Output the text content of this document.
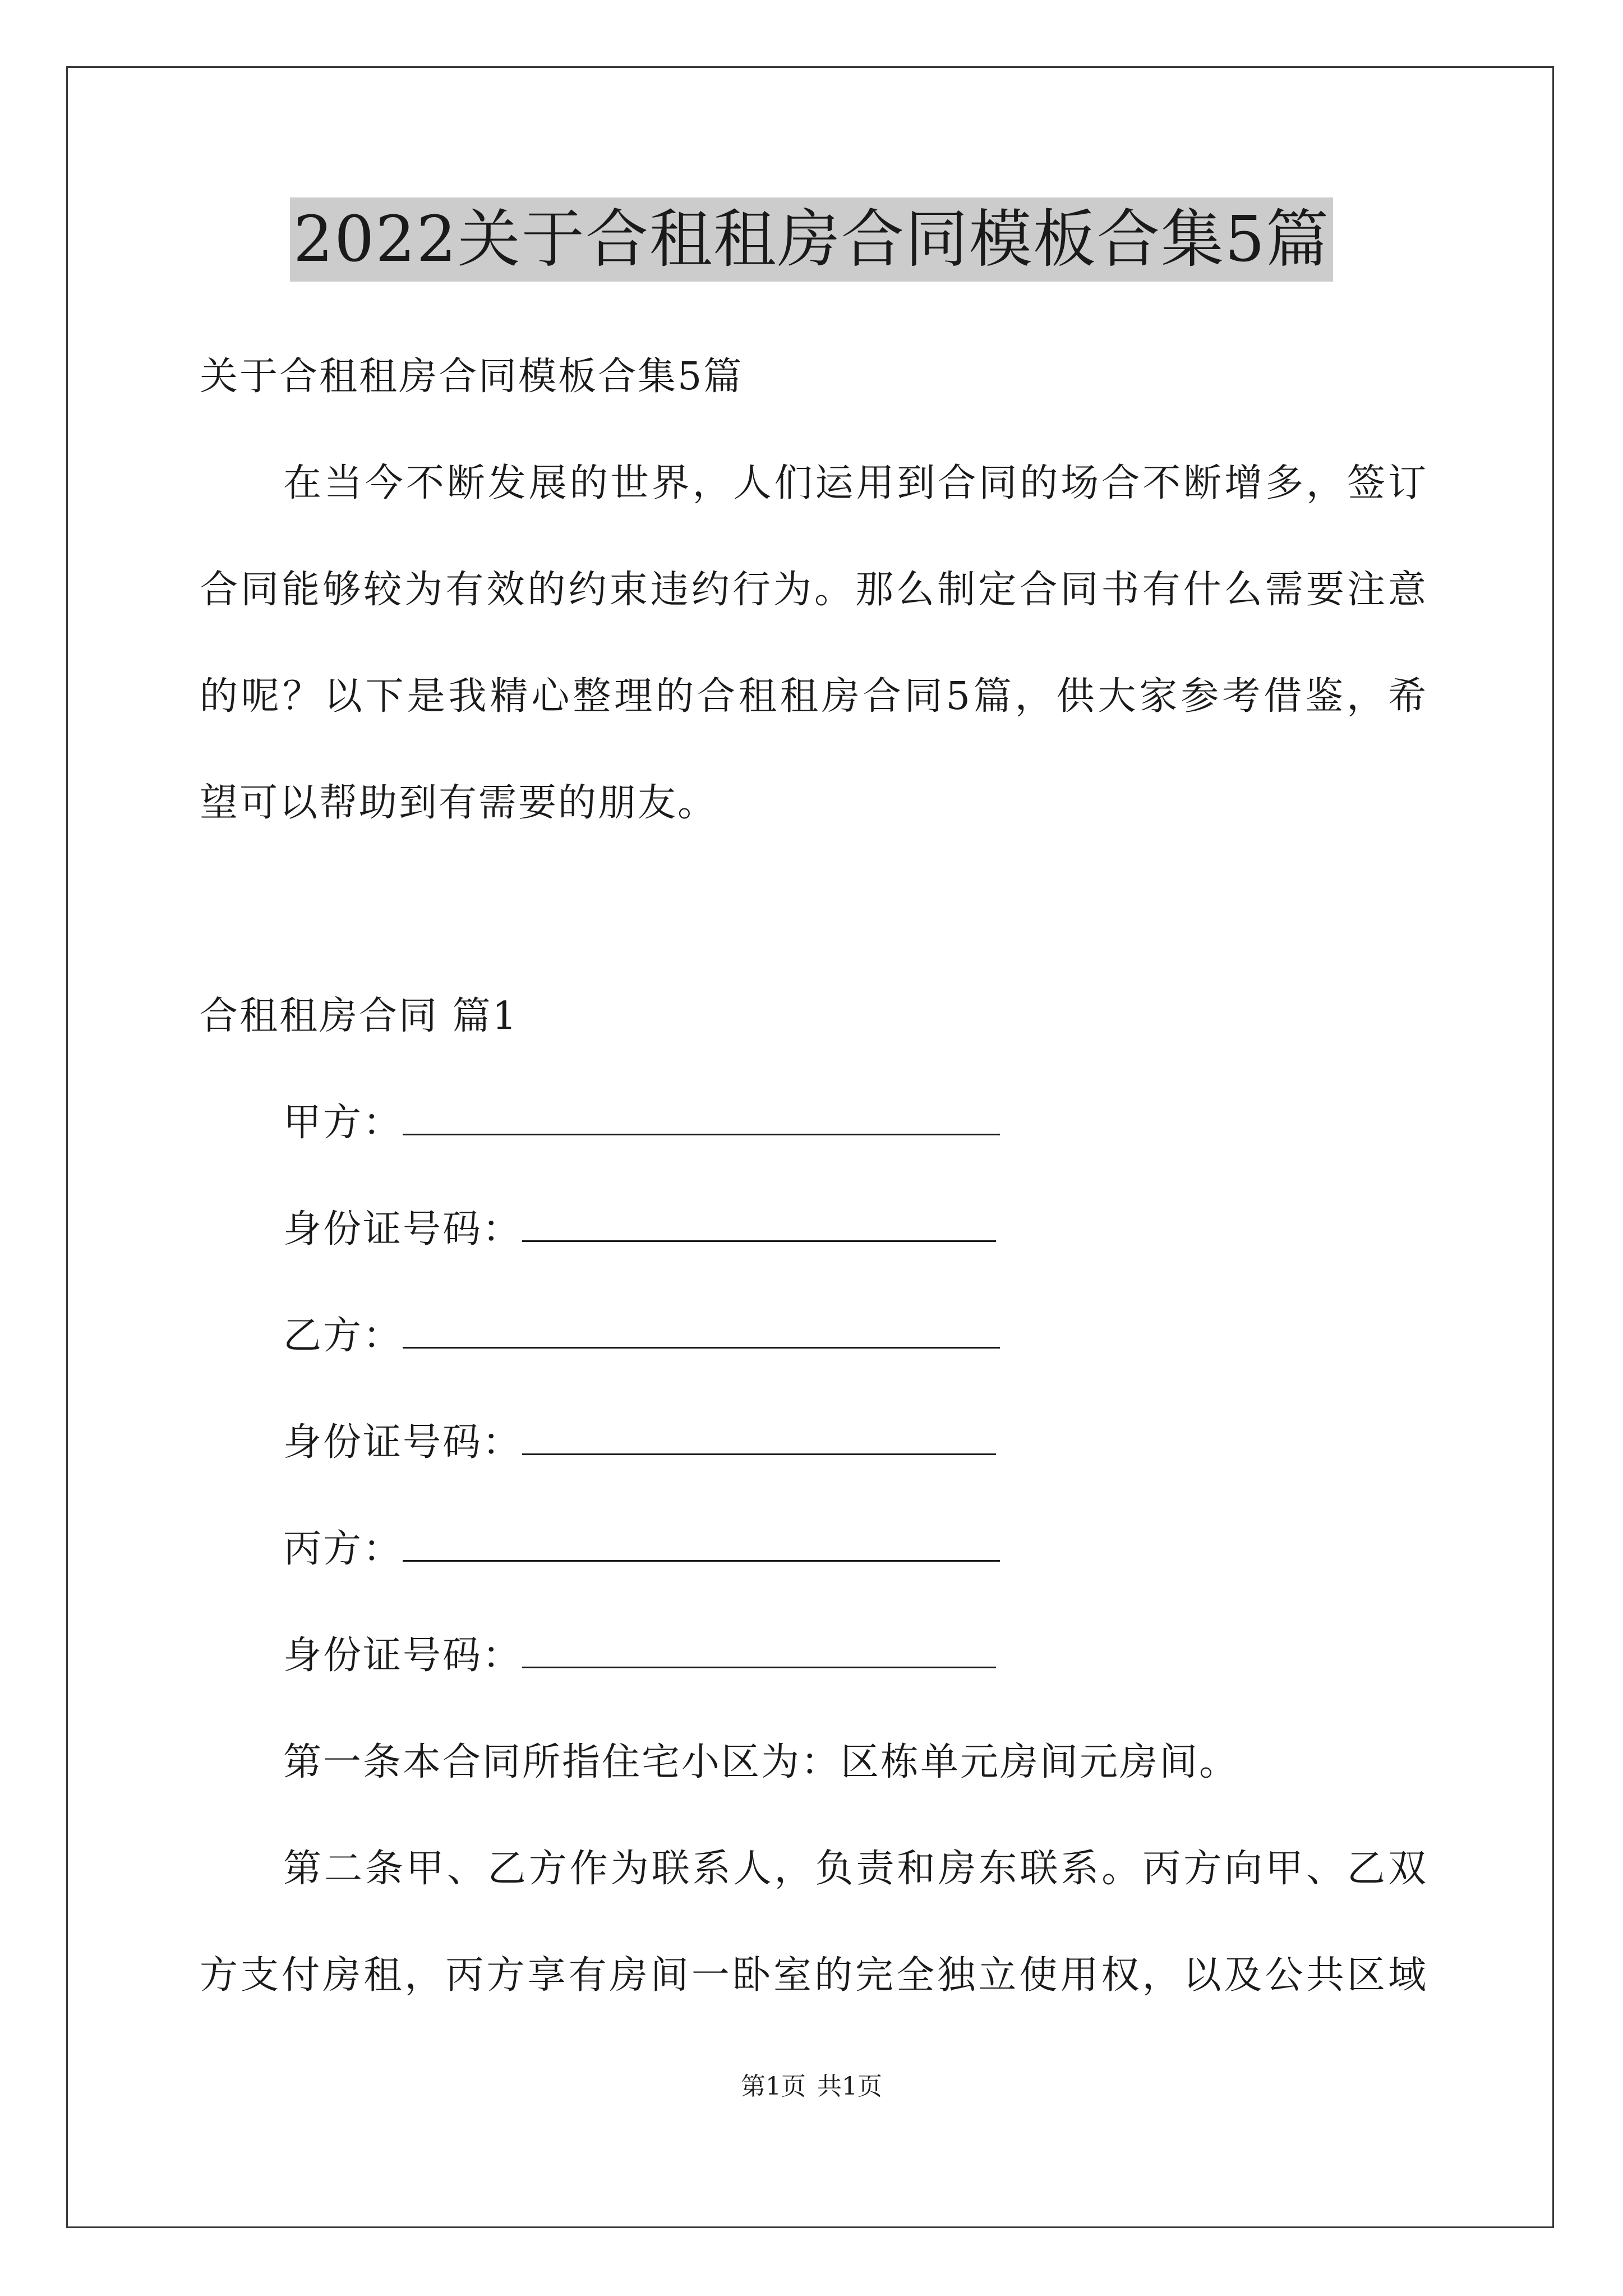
2022关于合租租房合同模板合集5篇
关于合租租房合同模板合集5篇
在当今不断发展的世界，人们运用到合同的场合不断增多，签订
合同能够较为有效的约束违约行为。那么制定合同书有什么需要注意
的呢？以下是我精心整理的合租租房合同5篇，供大家参考借鉴，希
望可以帮助到有需要的朋友。
合租租房合同 篇1
甲方：
身份证号码：
乙方：
身份证号码：
丙方：
身份证号码：
第一条本合同所指住宅小区为：区栋单元房间元房间。
第二条甲、乙方作为联系人，负责和房东联系。丙方向甲、乙双
方支付房租，丙方享有房间一卧室的完全独立使用权，以及公共区域
第1页 共1页
